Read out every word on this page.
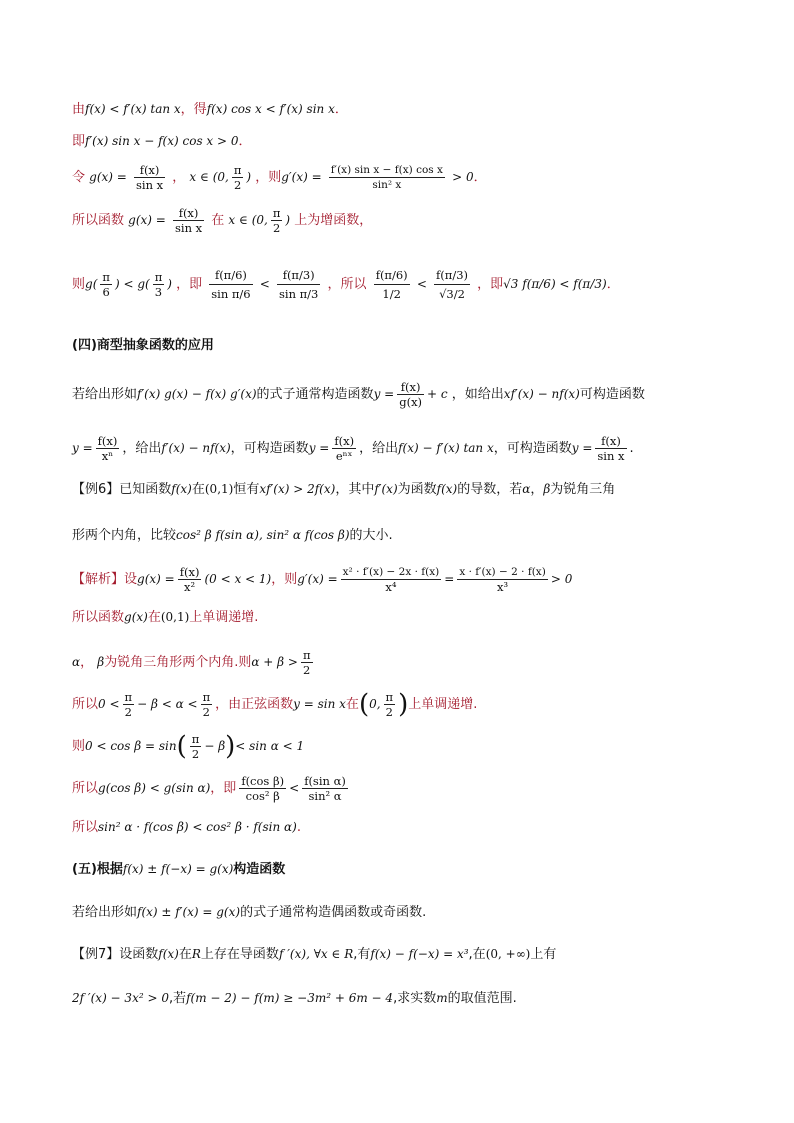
由f(x) < f′(x) tan x，得f(x) cos x < f′(x) sin x．
即f′(x) sin x − f(x) cos x > 0．
令 $g(x) = \frac{f(x)}{\text{sin x}}$ ， x ∈ (0, $\frac{\pi}{2}$ ) ，则$g'(x) = \frac{\text{f′(x) sin x − f(x) cos x}}{\text{sin² x}} > 0$．
所以函数 $g(x) = \frac{f(x)}{\text{sin x}}$ 在 x ∈ (0, $\frac{\pi}{2}$ ) 上为增函数，
则$g( \frac{\pi}{6}$ ) < $g( \frac{\pi}{3}$ ) ，即 $\frac{f(\pi/6)}{\text{sin π/6}} < \frac{f(\pi/3)}{\text{sin π/3}}$ ，所以 $\frac{f(\pi/6)}{1/2} < \frac{f(\pi/3)}{√3/2}$ ，即√3 f(π/6) < f(π/3)．
(四)商型抽象函数的应用
若给出形如f′(x) g(x) − f(x) g′(x)的式子通常构造函数$y = \frac{f(x)}{g(x)} + c$ ，如给出xf′(x) − nf(x)可构造函数
$y = \frac{f(x)}{\text{xⁿ}}$ ，给出f′(x) − nf(x)，可构造函数$y = \frac{f(x)}{\text{eⁿˣ}}$ ，给出f(x) − f′(x) tan x，可构造函数$y = \frac{f(x)}{\text{sin x}}$ .
【例6】已知函数f(x)在(0,1)恒有xf′(x) > 2f(x)，其中f′(x)为函数f(x)的导数，若α，β为锐角三角
形两个内角，比较cos² β f(sin α), sin² α f(cos β)的大小.
【解析】设$g(x) = \frac{f(x)}{\text{x²}} (0 < x < 1)$，则$g'(x) = \frac{\text{x² · f′(x) − 2x · f(x)}}{\text{x⁴}} = \frac{x \cdot f'(x) - 2 \cdot f(x)}{\text{x³}} > 0$
所以函数g(x)在(0,1)上单调递增.
α， β为锐角三角形两个内角.则$\alpha + \beta > \frac{\pi}{2}$
所以$0 < \frac{\pi}{2} - \beta < \alpha < \frac{\pi}{2}$ ，由正弦函数y = sin x在(0, $\frac{\pi}{2}$ )上单调递增.
则$0 < \cos \beta = \sin( \frac{\pi}{2} - \beta)< \sin \alpha < 1$
所以g(cos β) < g(sin α)，即 $\frac{\text{f(cos β)}}{\text{cos² β}} < \frac{\text{f(sin α)}}{\text{sin² α}}$
所以sin² α · f(cos β) < cos² β · f(sin α).
(五)根据f(x) ± f(−x) = g(x)构造函数
若给出形如f(x) ± f′(x) = g(x)的式子通常构造偶函数或奇函数.
【例7】设函数f(x)在R上存在导函数f ′(x), ∀x ∈ R,有f(x) − f(−x) = x³,在(0, +∞)上有
2f ′(x) − 3x² > 0,若f(m − 2) − f(m) ≥ −3m² + 6m − 4,求实数m的取值范围.
